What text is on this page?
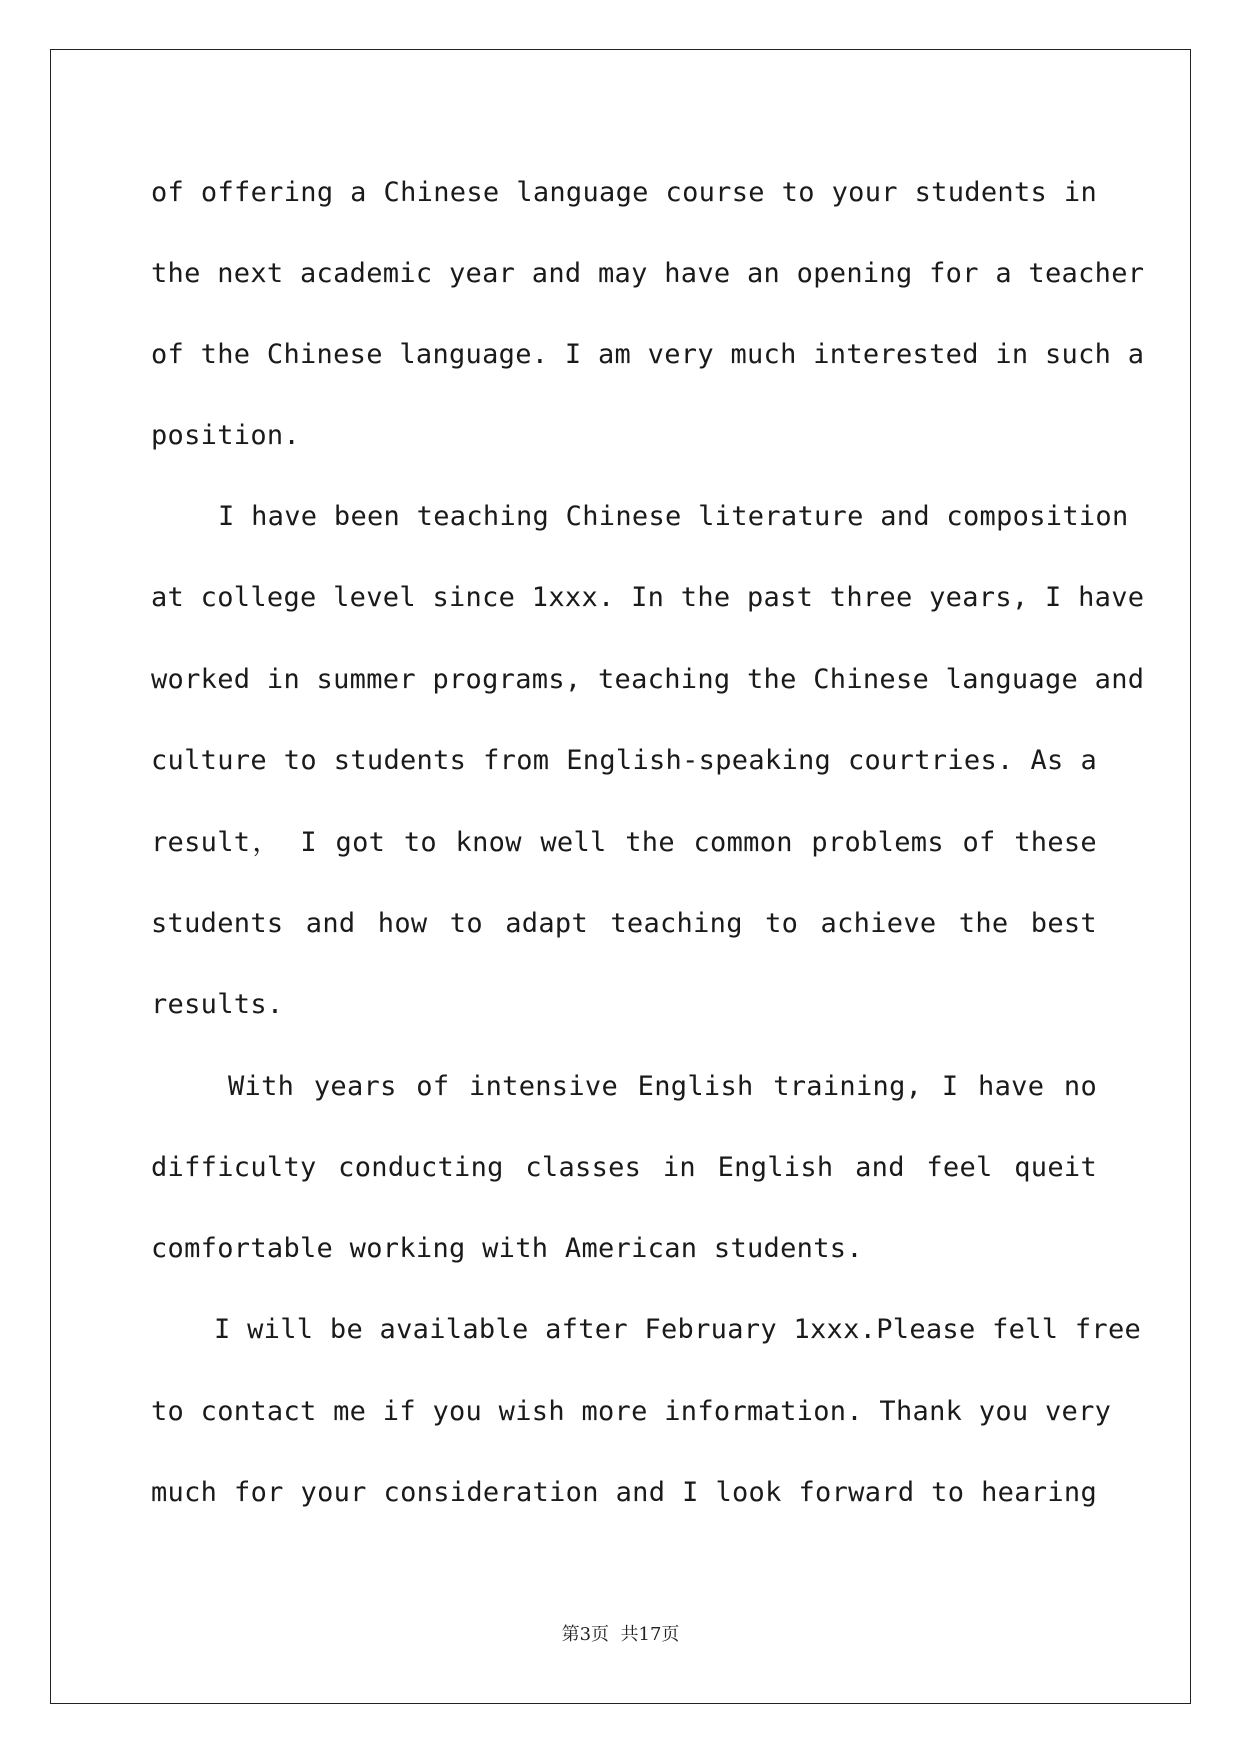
of offering a Chinese language course to your students in
the next academic year and may have an opening for a teacher
of the Chinese language. I am very much interested in such a
position.
I have been teaching Chinese literature and composition
at college level since 1xxx. In the past three years, I have
worked in summer programs, teaching the Chinese language and
culture to students from English-speaking courtries. As a
result， I got to know well the common problems of these
students and how to adapt teaching to achieve the best
results.
With years of intensive English training, I have no
difficulty conducting classes in English and feel queit
comfortable working with American students.
I will be available after February 1xxx.Please fell free
to contact me if you wish more information. Thank you very
much for your consideration and I look forward to hearing
第3页  共17页
